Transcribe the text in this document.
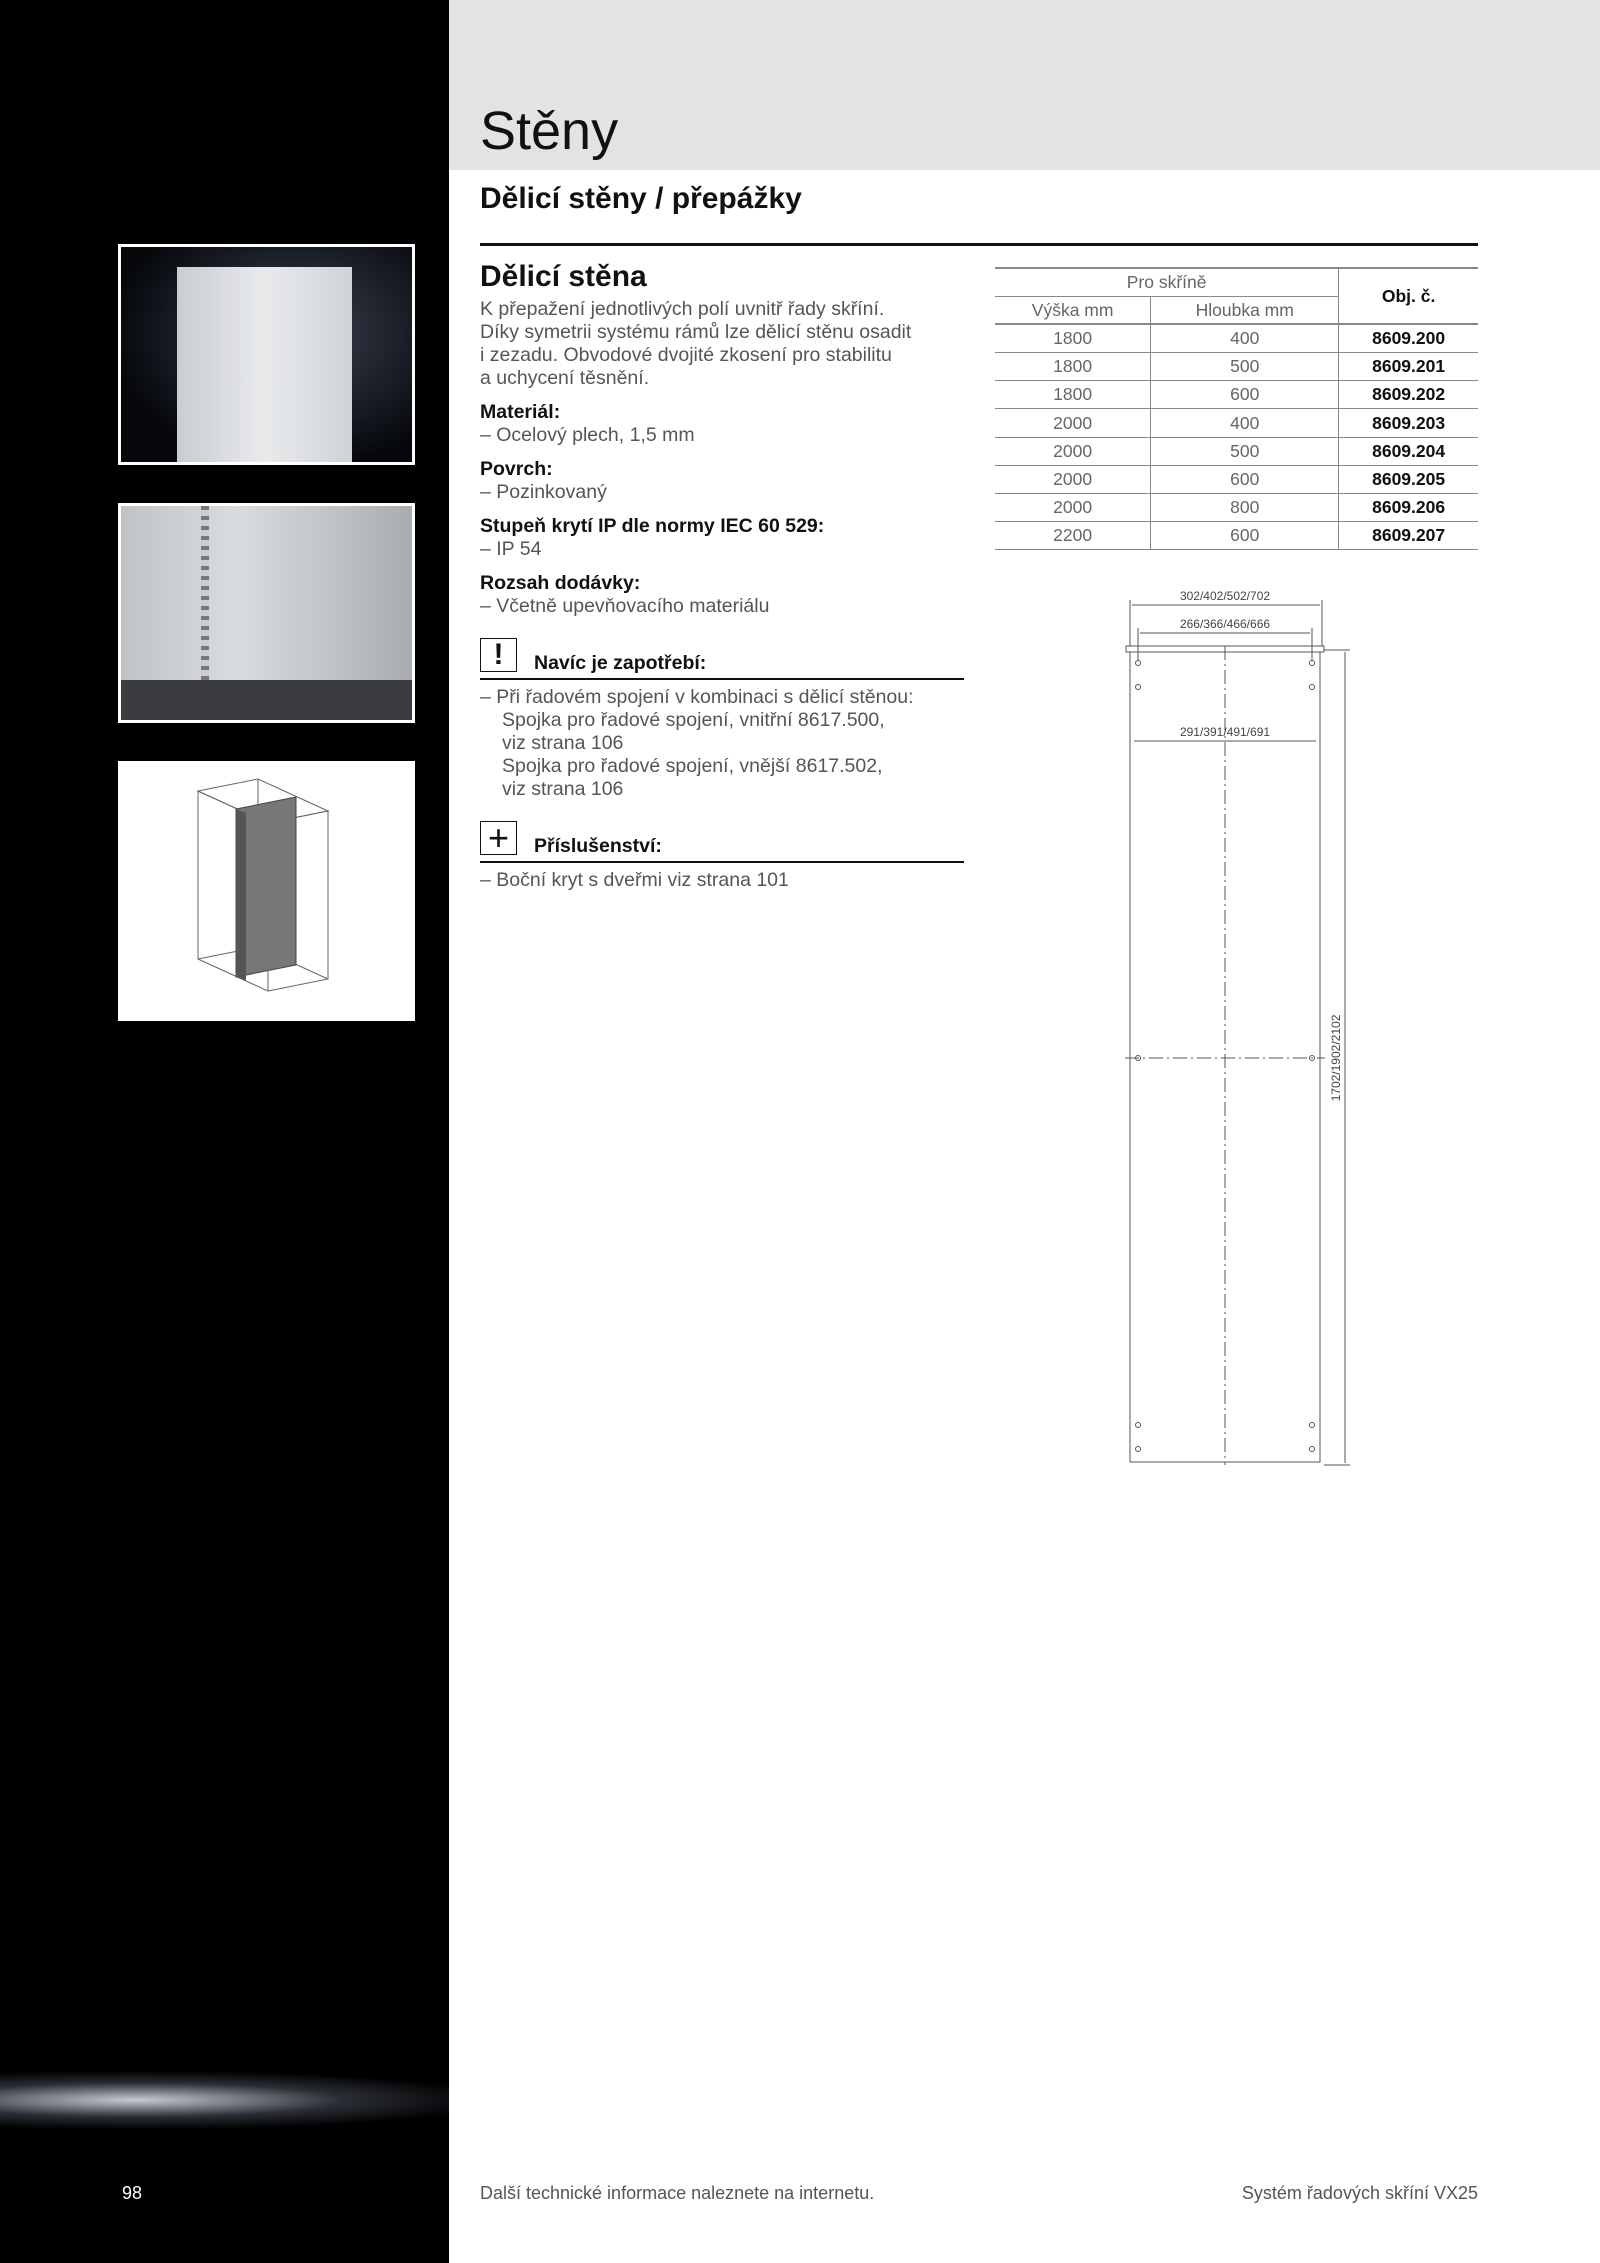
Stěny
Dělicí stěny / přepážky
Dělicí stěna
K přepažení jednotlivých polí uvnitř řady skříní.
Díky symetrii systému rámů lze dělicí stěnu osadit
i zezadu. Obvodové dvojité zkosení pro stabilitu
a uchycení těsnění.
Materiál:
– Ocelový plech, 1,5 mm
Povrch:
– Pozinkovaný
Stupeň krytí IP dle normy IEC 60 529:
– IP 54
Rozsah dodávky:
– Včetně upevňovacího materiálu
!	Navíc je zapotřebí:
– Při řadovém spojení v kombinaci s dělicí stěnou:
Spojka pro řadové spojení, vnitřní 8617.500,
viz strana 106
Spojka pro řadové spojení, vnější 8617.502,
viz strana 106
+	Příslušenství:
– Boční kryt s dveřmi viz strana 101
Pro skříně		Obj. č.
Výška mm	Hloubka mm	
1800	400	8609.200
1800	500	8609.201
1800	600	8609.202
2000	400	8609.203
2000	500	8609.204
2000	600	8609.205
2000	800	8609.206
2200	600	8609.207
302/402/502/702
266/366/466/666
291/391/491/691
1702/1902/2102
98	Další technické informace naleznete na internetu.	Systém řadových skříní VX25
